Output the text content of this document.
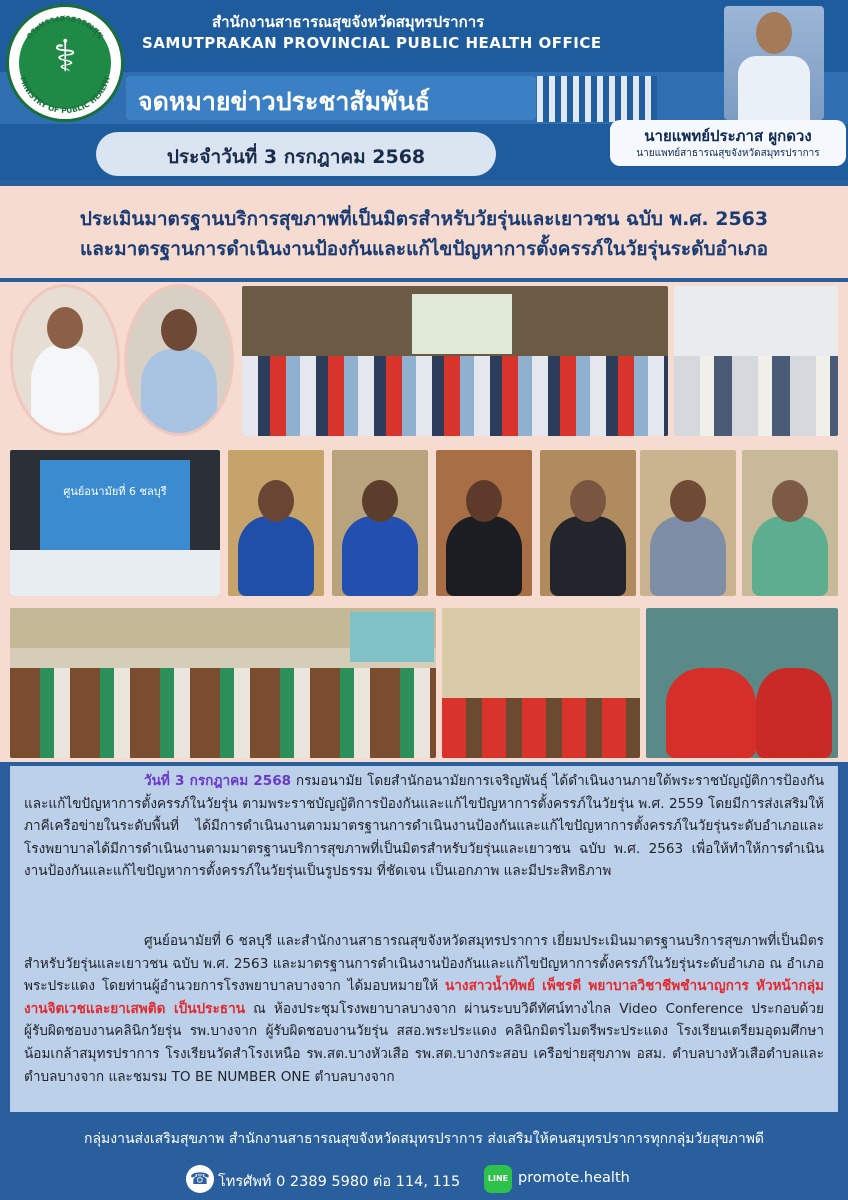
⚕
กระทรวงสาธารณสุข
MINISTRY OF PUBLIC HEALTH
สำนักงานสาธารณสุขจังหวัดสมุทรปราการ
SAMUTPRAKAN PROVINCIAL PUBLIC HEALTH OFFICE
จดหมายข่าวประชาสัมพันธ์
ประจำวันที่ 3 กรกฎาคม 2568
นายแพทย์ประภาส ผูกดวง
นายแพทย์สาธารณสุขจังหวัดสมุทรปราการ
ประเมินมาตรฐานบริการสุขภาพที่เป็นมิตรสำหรับวัยรุ่นและเยาวชน ฉบับ พ.ศ. 2563
และมาตรฐานการดำเนินงานป้องกันและแก้ไขปัญหาการตั้งครรภ์ในวัยรุ่นระดับอำเภอ
ศูนย์อนามัยที่ 6 ชลบุรี
วันที่ 3 กรกฎาคม 2568 กรมอนามัย โดยสำนักอนามัยการเจริญพันธุ์ ได้ดำเนินงานภายใต้พระราชบัญญัติการป้องกันและแก้ไขปัญหาการตั้งครรภ์ในวัยรุ่น ตามพระราชบัญญัติการป้องกันและแก้ไขปัญหาการตั้งครรภ์ในวัยรุ่น พ.ศ. 2559 โดยมีการส่งเสริมให้ภาคีเครือข่ายในระดับพื้นที่ ได้มีการดำเนินงานตามมาตรฐานการดำเนินงานป้องกันและแก้ไขปัญหาการตั้งครรภ์ในวัยรุ่นระดับอำเภอและโรงพยาบาลได้มีการดำเนินงานตามมาตรฐานบริการสุขภาพที่เป็นมิตรสำหรับวัยรุ่นและเยาวชน ฉบับ พ.ศ. 2563 เพื่อให้ทำให้การดำเนินงานป้องกันและแก้ไขปัญหาการตั้งครรภ์ในวัยรุ่นเป็นรูปธรรม ที่ชัดเจน เป็นเอกภาพ และมีประสิทธิภาพ
ศูนย์อนามัยที่ 6 ชลบุรี และสำนักงานสาธารณสุขจังหวัดสมุทรปราการ เยี่ยมประเมินมาตรฐานบริการสุขภาพที่เป็นมิตรสำหรับวัยรุ่นและเยาวชน ฉบับ พ.ศ. 2563 และมาตรฐานการดำเนินงานป้องกันและแก้ไขปัญหาการตั้งครรภ์ในวัยรุ่นระดับอำเภอ ณ อำเภอพระประแดง โดยท่านผู้อำนวยการโรงพยาบาลบางจาก ได้มอบหมายให้ นางสาวน้ำทิพย์ เพ็ชรดี พยาบาลวิชาชีพชำนาญการ หัวหน้ากลุ่มงานจิตเวชและยาเสพติด เป็นประธาน ณ ห้องประชุมโรงพยาบาลบางจาก ผ่านระบบวิดีทัศน์ทางไกล Video Conference ประกอบด้วย ผู้รับผิดชอบงานคลินิกวัยรุ่น รพ.บางจาก ผู้รับผิดชอบงานวัยรุ่น สสอ.พระประแดง คลินิกมิตรไมตรีพระประแดง โรงเรียนเตรียมอุดมศึกษาน้อมเกล้าสมุทรปราการ โรงเรียนวัดสำโรงเหนือ รพ.สต.บางหัวเสือ รพ.สต.บางกระสอบ เครือข่ายสุขภาพ อสม. ตำบลบางหัวเสือตำบลและตำบลบางจาก และชมรม TO BE NUMBER ONE ตำบลบางจาก
กลุ่มงานส่งเสริมสุขภาพ สำนักงานสาธารณสุขจังหวัดสมุทรปราการ ส่งเสริมให้คนสมุทรปราการทุกกลุ่มวัยสุขภาพดี
☎ โทรศัพท์ 0 2389 5980 ต่อ 114, 115	LINE promote.health
